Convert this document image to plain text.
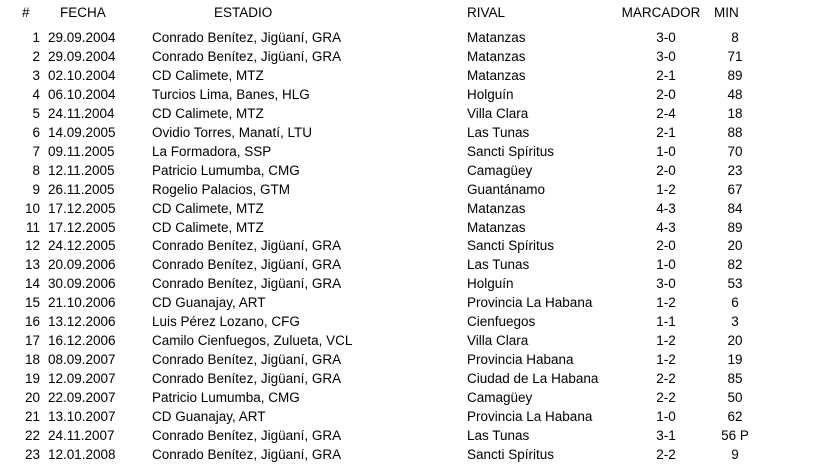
# FECHA	ESTADIO	RIVAL	MARCADOR MIN
1 29.09.2004	Conrado Benítez, Jigüaní, GRA	Matanzas	3-0	8
2 29.09.2004	Conrado Benítez, Jigüaní, GRA	Matanzas	3-0	71
3 02.10.2004	CD Calimete, MTZ	Matanzas	2-1	89
4 06.10.2004	Turcios Lima, Banes, HLG	Holguín	2-0	48
5 24.11.2004	CD Calimete, MTZ	Villa Clara	2-4	18
6 14.09.2005	Ovidio Torres, Manatí, LTU	Las Tunas	2-1	88
7 09.11.2005	La Formadora, SSP	Sancti Spíritus	1-0	70
8 12.11.2005	Patricio Lumumba, CMG	Camagüey	2-0	23
9 26.11.2005	Rogelio Palacios, GTM	Guantánamo	1-2	67
10 17.12.2005	CD Calimete, MTZ	Matanzas	4-3	84
11 17.12.2005	CD Calimete, MTZ	Matanzas	4-3	89
12 24.12.2005	Conrado Benítez, Jigüaní, GRA	Sancti Spíritus	2-0	20
13 20.09.2006	Conrado Benítez, Jigüaní, GRA	Las Tunas	1-0	82
14 30.09.2006	Conrado Benítez, Jigüaní, GRA	Holguín	3-0	53
15 21.10.2006	CD Guanajay, ART	Provincia La Habana	1-2	6
16 13.12.2006	Luis Pérez Lozano, CFG	Cienfuegos	1-1	3
17 16.12.2006	Camilo Cienfuegos, Zulueta, VCL	Villa Clara	1-2	20
18 08.09.2007	Conrado Benítez, Jigüaní, GRA	Provincia Habana	1-2	19
19 12.09.2007	Conrado Benítez, Jigüaní, GRA	Ciudad de La Habana	2-2	85
20 22.09.2007	Patricio Lumumba, CMG	Camagüey	2-2	50
21 13.10.2007	CD Guanajay, ART	Provincia La Habana	1-0	62
22 24.11.2007	Conrado Benítez, Jigüaní, GRA	Las Tunas	3-1	56 P
23 12.01.2008	Conrado Benítez, Jigüaní, GRA	Sancti Spíritus	2-2	9
